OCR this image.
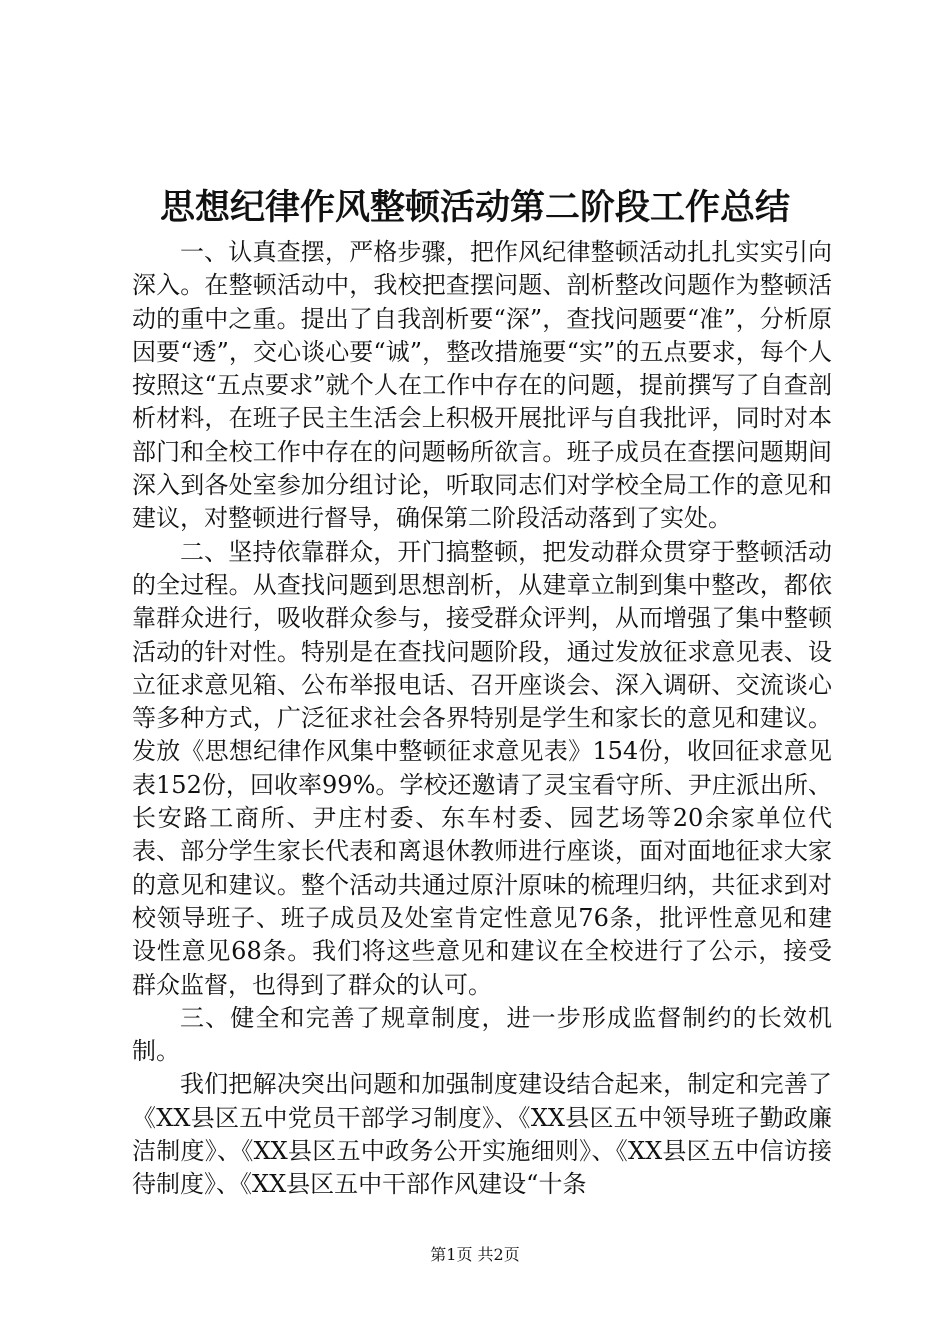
思想纪律作风整顿活动第二阶段工作总结

一、认真查摆，严格步骤，把作风纪律整顿活动扎扎实实引向深入。在整顿活动中，我校把查摆问题、剖析整改问题作为整顿活动的重中之重。提出了自我剖析要“深”，查找问题要“准”，分析原因要“透”，交心谈心要“诚”，整改措施要“实”的五点要求，每个人按照这“五点要求”就个人在工作中存在的问题，提前撰写了自查剖析材料，在班子民主生活会上积极开展批评与自我批评，同时对本部门和全校工作中存在的问题畅所欲言。班子成员在查摆问题期间深入到各处室参加分组讨论，听取同志们对学校全局工作的意见和建议，对整顿进行督导，确保第二阶段活动落到了实处。

二、坚持依靠群众，开门搞整顿，把发动群众贯穿于整顿活动的全过程。从查找问题到思想剖析，从建章立制到集中整改，都依靠群众进行，吸收群众参与，接受群众评判，从而增强了集中整顿活动的针对性。特别是在查找问题阶段，通过发放征求意见表、设立征求意见箱、公布举报电话、召开座谈会、深入调研、交流谈心等多种方式，广泛征求社会各界特别是学生和家长的意见和建议。发放《思想纪律作风集中整顿征求意见表》154份，收回征求意见表152份，回收率99%。学校还邀请了灵宝看守所、尹庄派出所、长安路工商所、尹庄村委、东车村委、园艺场等20余家单位代表、部分学生家长代表和离退休教师进行座谈，面对面地征求大家的意见和建议。整个活动共通过原汁原味的梳理归纳，共征求到对校领导班子、班子成员及处室肯定性意见76条，批评性意见和建设性意见68条。我们将这些意见和建议在全校进行了公示，接受群众监督，也得到了群众的认可。

三、健全和完善了规章制度，进一步形成监督制约的长效机制。

我们把解决突出问题和加强制度建设结合起来，制定和完善了《XX县区五中党员干部学习制度》、《XX县区五中领导班子勤政廉洁制度》、《XX县区五中政务公开实施细则》、《XX县区五中信访接待制度》、《XX县区五中干部作风建设“十条

第1页 共2页
